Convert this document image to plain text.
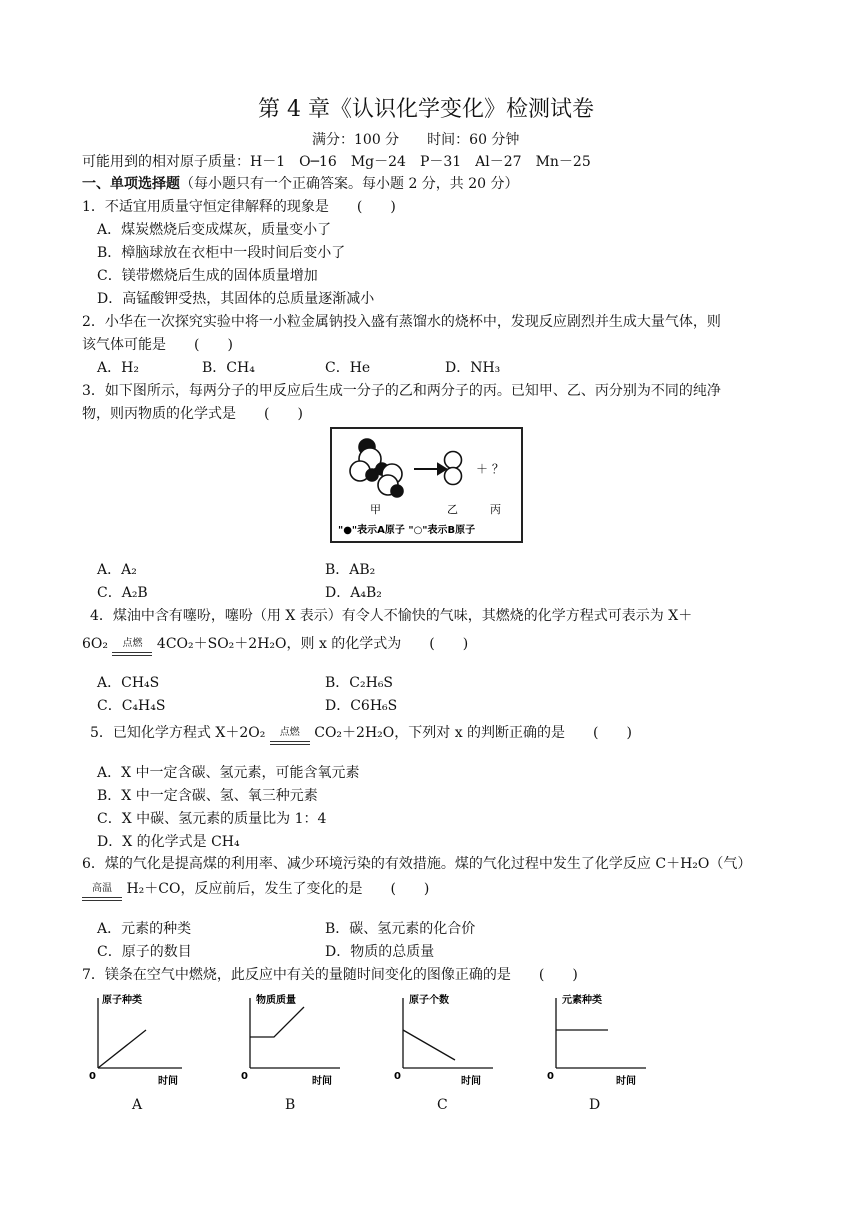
第 4 章《认识化学变化》检测试卷
满分：100 分　　时间：60 分钟
可能用到的相对原子质量：H－1　O─16　Mg－24　P－31　Al－27　Mn－25
一、单项选择题（每小题只有一个正确答案。每小题 2 分，共 20 分）
1．不适宜用质量守恒定律解释的现象是　　(　　)
A．煤炭燃烧后变成煤灰，质量变小了
B．樟脑球放在衣柜中一段时间后变小了
C．镁带燃烧后生成的固体质量增加
D．高锰酸钾受热，其固体的总质量逐渐减小
2．小华在一次探究实验中将一小粒金属钠投入盛有蒸馏水的烧杯中，发现反应剧烈并生成大量气体，则
该气体可能是　　(　　)
A．H₂	B．CH₄	C．He	D．NH₃
3．如下图所示，每两分子的甲反应后生成一分子的乙和两分子的丙。已知甲、乙、丙分别为不同的纯净
物，则丙物质的化学式是　　(　　)
＋ ？
甲	乙	丙
"●"表示A原子 "○"表示B原子
A．A₂	B．AB₂
C．A₂B	D．A₄B₂
4．煤油中含有噻吩，噻吩（用 X 表示）有令人不愉快的气味，其燃烧的化学方程式可表示为 X＋
6O₂	点燃	4CO₂＋SO₂＋2H₂O，则 x 的化学式为　　(　　)
A．CH₄S	B．C₂H₆S
C．C₄H₄S	D．C6H₆S
5．已知化学方程式 X＋2O₂	点燃	CO₂＋2H₂O，下列对 x 的判断正确的是　　(　　)
A．X 中一定含碳、氢元素，可能含氧元素
B．X 中一定含碳、氢、氧三种元素
C．X 中碳、氢元素的质量比为 1：4
D．X 的化学式是 CH₄
6．煤的气化是提高煤的利用率、减少环境污染的有效措施。煤的气化过程中发生了化学反应 C＋H₂O（气）
高温	H₂＋CO，反应前后，发生了变化的是　　(　　)
A．元素的种类	B．碳、氢元素的化合价
C．原子的数目	D．物质的总质量
7．镁条在空气中燃烧，此反应中有关的量随时间变化的图像正确的是　　(　　)
原子种类
0	时间
A
物质质量
0	时间
B
原子个数
0	时间
C
元素种类
0	时间
D
